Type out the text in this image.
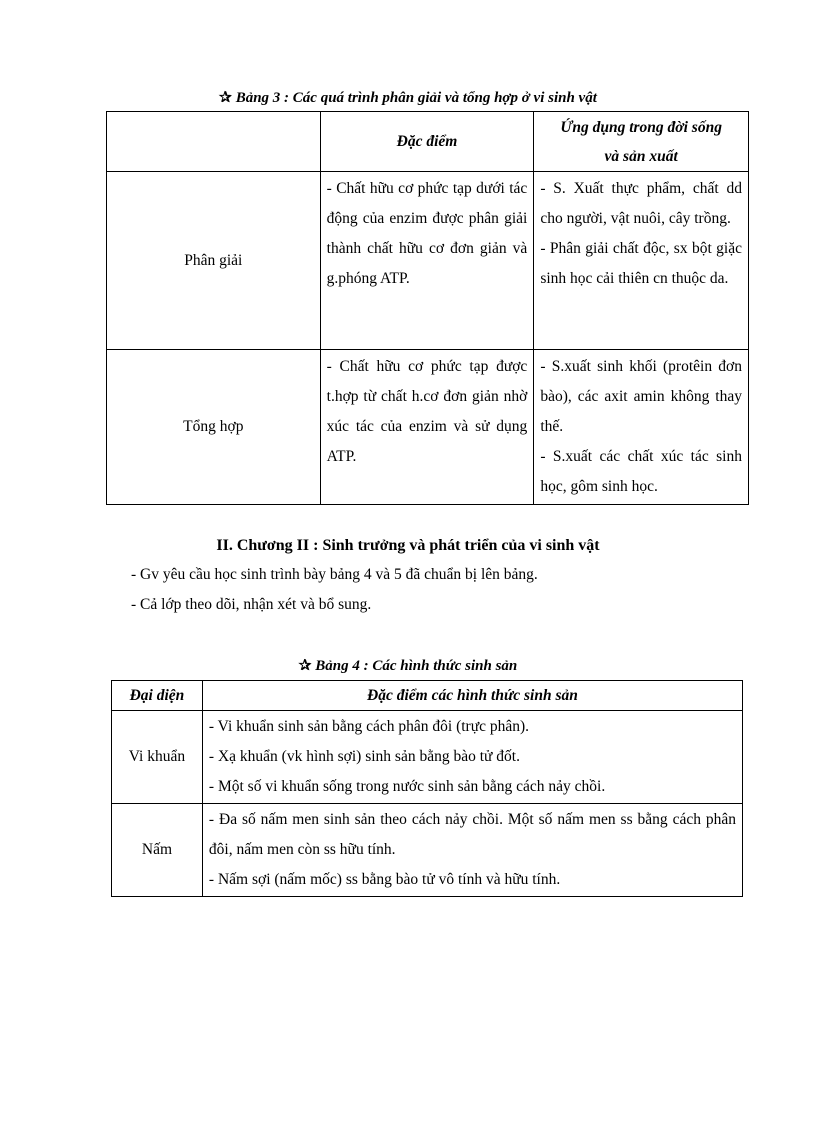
✰ Bảng 3 : Các quá trình phân giải và tổng hợp ở vi sinh vật
	Đặc điểm	Ứng dụng trong đời sống
và sản xuất

Phân giải	- Chất hữu cơ phức tạp dưới tác động của enzim được phân giải thành chất hữu cơ đơn giản và g.phóng ATP.	- S. Xuất thực phẩm, chất dd cho người, vật nuôi, cây trồng.
- Phân giải chất độc, sx bột giặc sinh học cải thiên cn thuộc da.

Tổng hợp	- Chất hữu cơ phức tạp được t.hợp từ chất h.cơ đơn giản nhờ xúc tác của enzim và sử dụng ATP.	- S.xuất sinh khối (protêin đơn bào), các axit amin không thay thế.
- S.xuất các chất xúc tác sinh học, gôm sinh học.
II. Chương II : Sinh trưởng và phát triển của vi sinh vật
- Gv yêu cầu học sinh trình bày bảng 4 và 5 đã chuẩn bị lên bảng.
- Cả lớp theo dõi, nhận xét và bổ sung.
✰ Bảng 4 : Các hình thức sinh sản
Đại diện	Đặc điểm các hình thức sinh sản
Vi khuẩn	- Vi khuẩn sinh sản bằng cách phân đôi (trực phân).
- Xạ khuẩn (vk hình sợi) sinh sản bằng bào tử đốt.
- Một số vi khuẩn sống trong nước sinh sản bằng cách nảy chồi.

Nấm	- Đa số nấm men sinh sản theo cách nảy chồi. Một số nấm men ss bằng cách phân đôi, nấm men còn ss hữu tính.
- Nấm sợi (nấm mốc) ss bằng bào tử vô tính và hữu tính.
